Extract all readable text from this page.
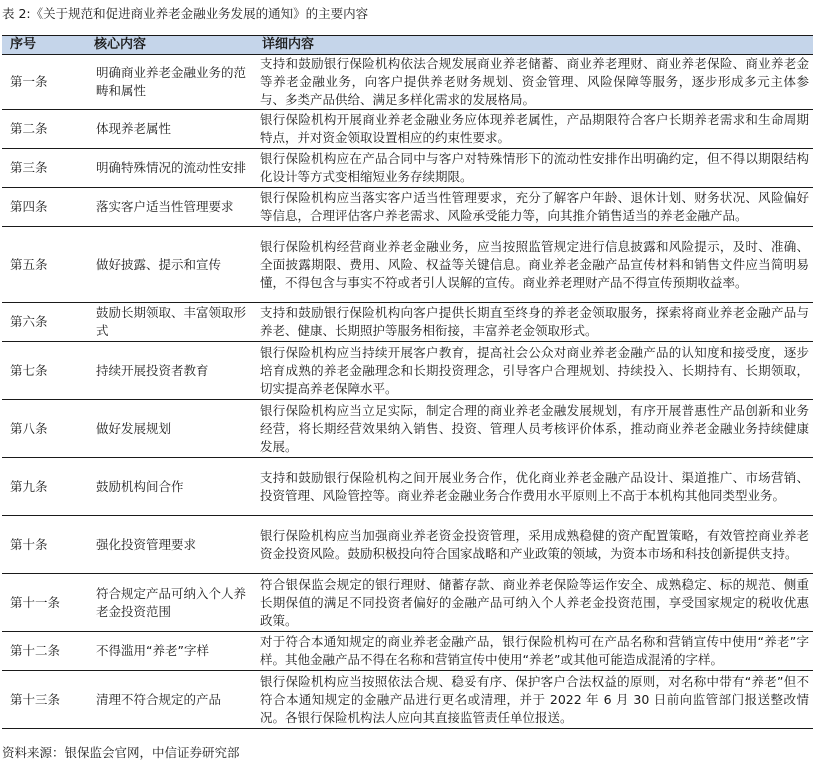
表 2:《关于规范和促进商业养老金融业务发展的通知》的主要内容
序号	核心内容	详细内容
第一条	明确商业养老金融业务的范畴和属性	支持和鼓励银行保险机构依法合规发展商业养老储蓄、商业养老理财、商业养老保险、商业养老金等养老金融业务，向客户提供养老财务规划、资金管理、风险保障等服务，逐步形成多元主体参与、多类产品供给、满足多样化需求的发展格局。
第二条	体现养老属性	银行保险机构开展商业养老金融业务应体现养老属性，产品期限符合客户长期养老需求和生命周期特点，并对资金领取设置相应的约束性要求。
第三条	明确特殊情况的流动性安排	银行保险机构应在产品合同中与客户对特殊情形下的流动性安排作出明确约定，但不得以期限结构化设计等方式变相缩短业务存续期限。
第四条	落实客户适当性管理要求	银行保险机构应当落实客户适当性管理要求，充分了解客户年龄、退休计划、财务状况、风险偏好等信息，合理评估客户养老需求、风险承受能力等，向其推介销售适当的养老金融产品。
第五条	做好披露、提示和宣传	银行保险机构经营商业养老金融业务，应当按照监管规定进行信息披露和风险提示，及时、准确、全面披露期限、费用、风险、权益等关键信息。商业养老金融产品宣传材料和销售文件应当简明易懂，不得包含与事实不符或者引人误解的宣传。商业养老理财产品不得宣传预期收益率。
第六条	鼓励长期领取、丰富领取形式	支持和鼓励银行保险机构向客户提供长期直至终身的养老金领取服务，探索将商业养老金融产品与养老、健康、长期照护等服务相衔接，丰富养老金领取形式。
第七条	持续开展投资者教育	银行保险机构应当持续开展客户教育，提高社会公众对商业养老金融产品的认知度和接受度，逐步培育成熟的养老金融理念和长期投资理念，引导客户合理规划、持续投入、长期持有、长期领取，切实提高养老保障水平。
第八条	做好发展规划	银行保险机构应当立足实际，制定合理的商业养老金融发展规划，有序开展普惠性产品创新和业务经营，将长期经营效果纳入销售、投资、管理人员考核评价体系，推动商业养老金融业务持续健康发展。
第九条	鼓励机构间合作	支持和鼓励银行保险机构之间开展业务合作，优化商业养老金融产品设计、渠道推广、市场营销、投资管理、风险管控等。商业养老金融业务合作费用水平原则上不高于本机构其他同类型业务。
第十条	强化投资管理要求	银行保险机构应当加强商业养老资金投资管理，采用成熟稳健的资产配置策略，有效管控商业养老资金投资风险。鼓励积极投向符合国家战略和产业政策的领域，为资本市场和科技创新提供支持。
第十一条	符合规定产品可纳入个人养老金投资范围	符合银保监会规定的银行理财、储蓄存款、商业养老保险等运作安全、成熟稳定、标的规范、侧重长期保值的满足不同投资者偏好的金融产品可纳入个人养老金投资范围，享受国家规定的税收优惠政策。
第十二条	不得滥用“养老”字样	对于符合本通知规定的商业养老金融产品，银行保险机构可在产品名称和营销宣传中使用“养老”字样。其他金融产品不得在名称和营销宣传中使用“养老”或其他可能造成混淆的字样。
第十三条	清理不符合规定的产品	银行保险机构应当按照依法合规、稳妥有序、保护客户合法权益的原则，对名称中带有“养老”但不符合本通知规定的金融产品进行更名或清理，并于 2022 年 6 月 30 日前向监管部门报送整改情况。各银行保险机构法人应向其直接监管责任单位报送。
资料来源：银保监会官网，中信证券研究部
